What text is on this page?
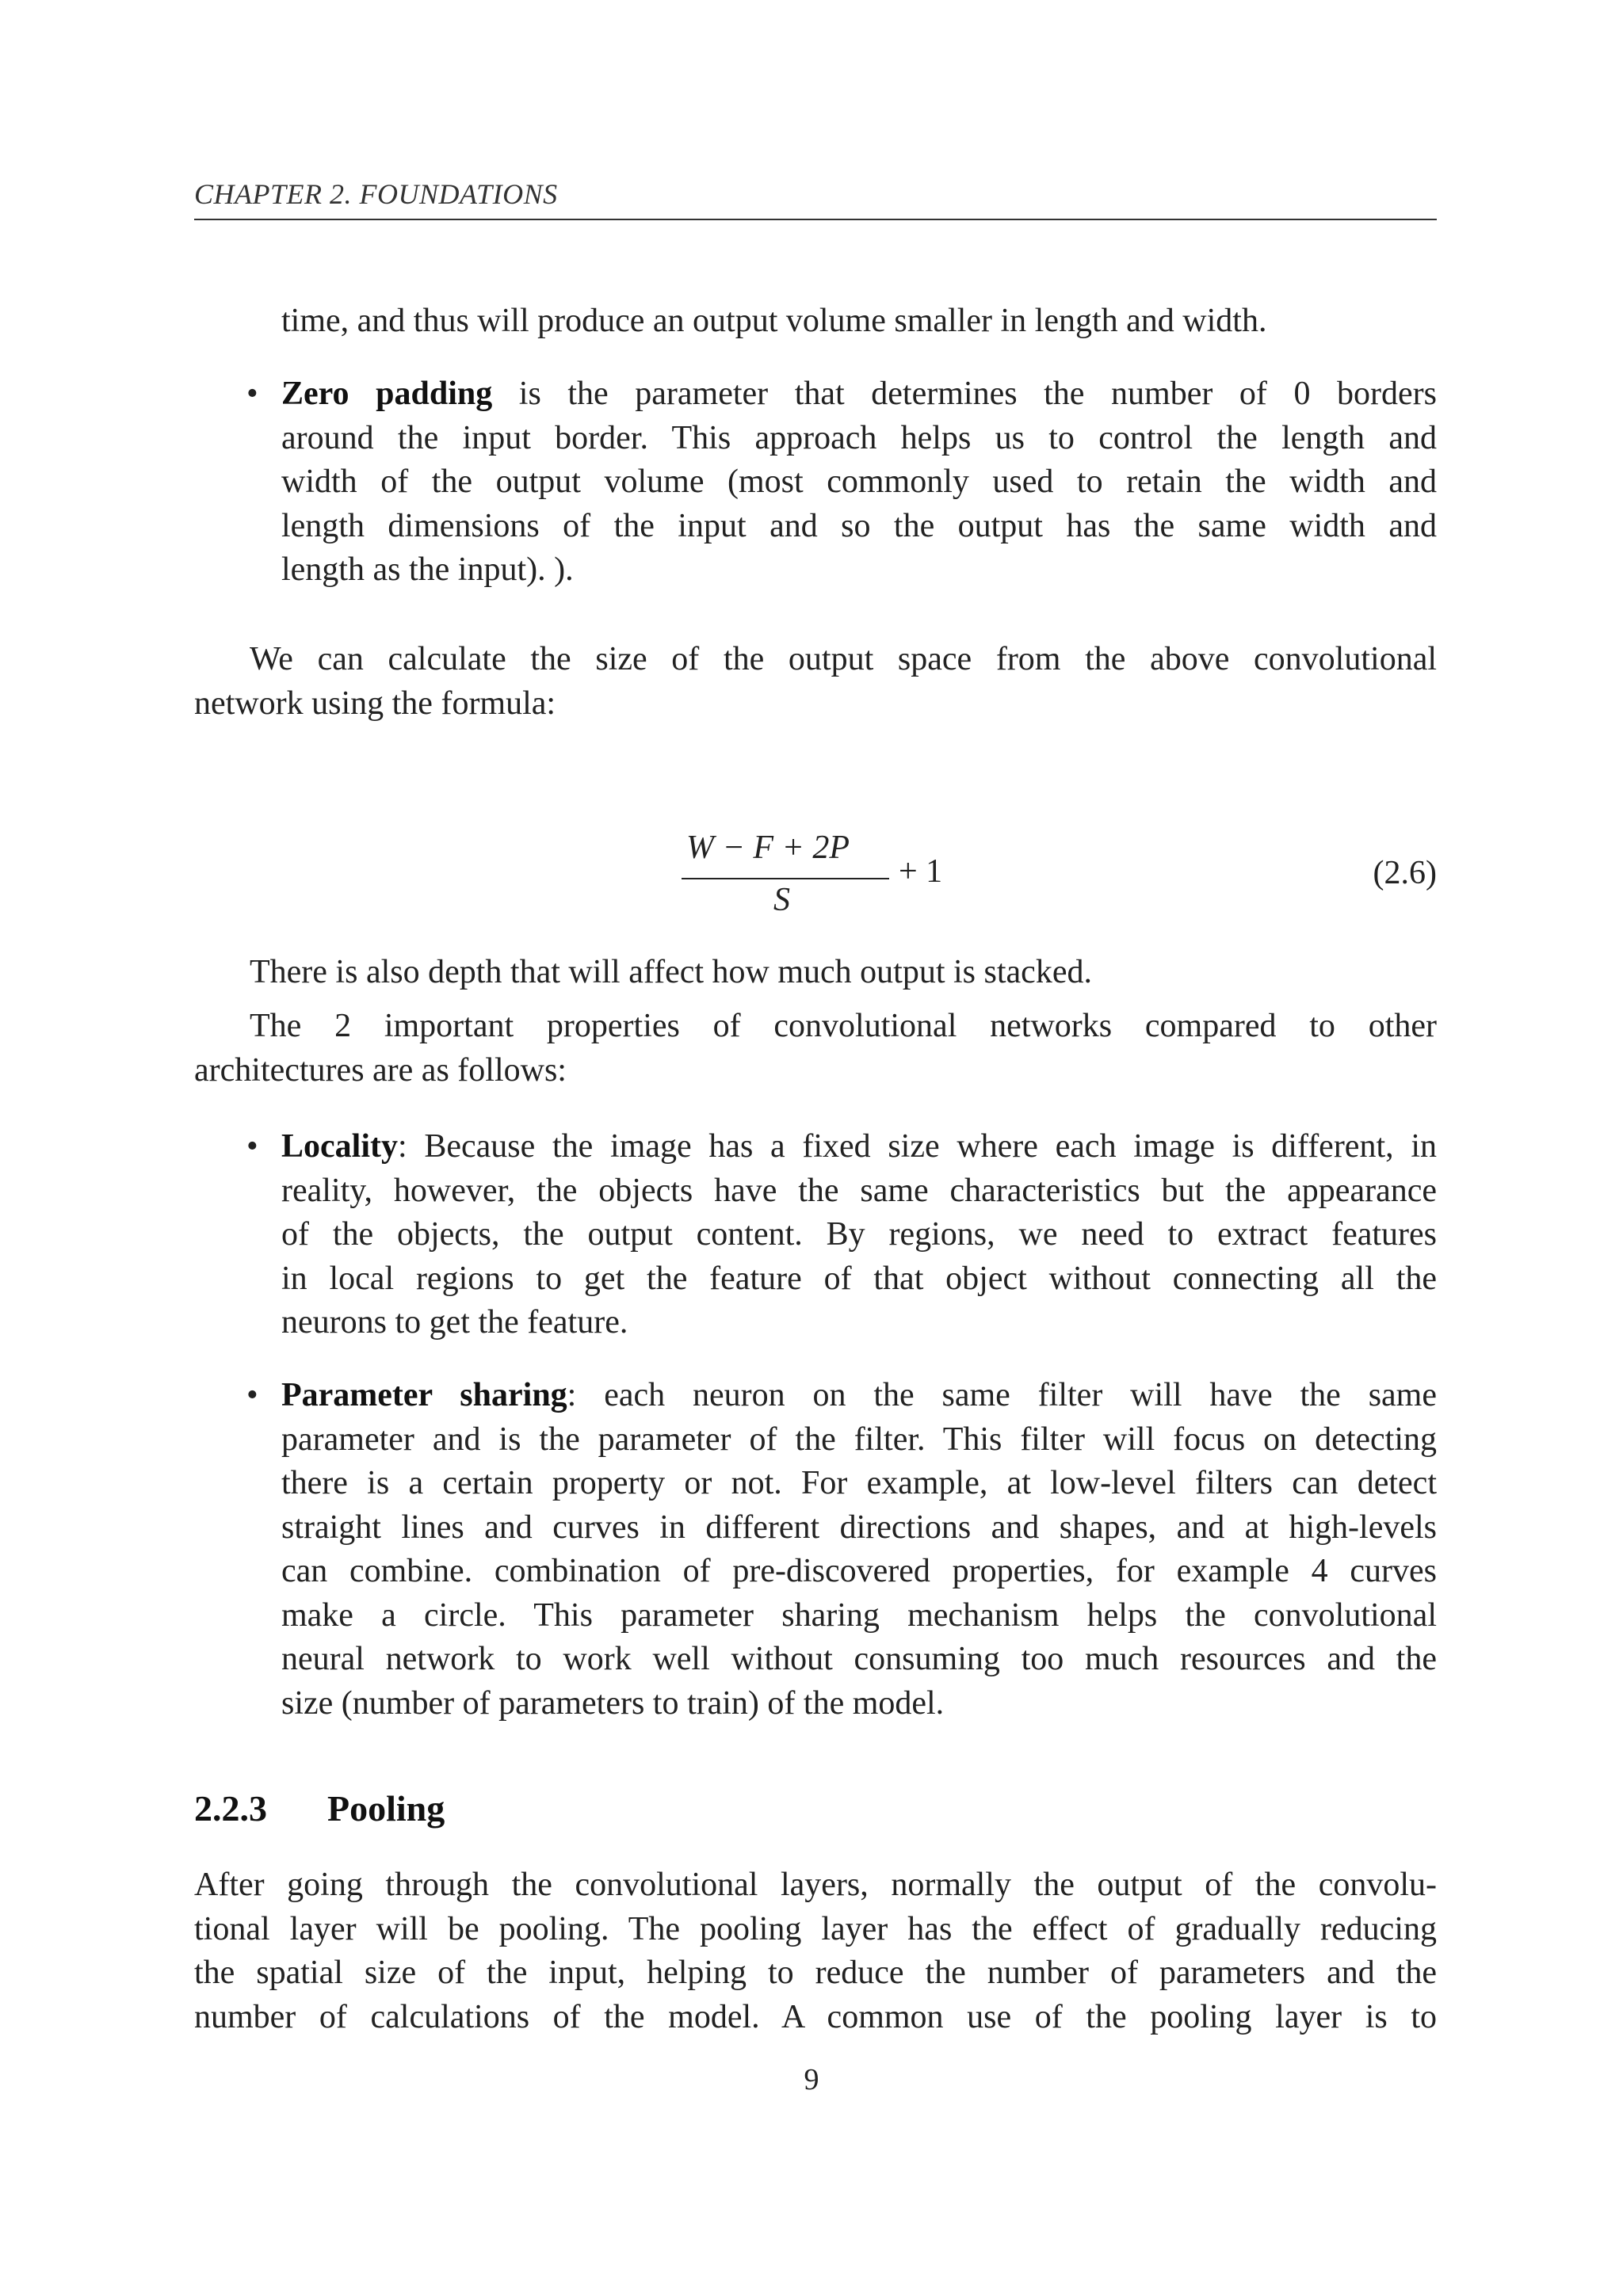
CHAPTER 2. FOUNDATIONS
time, and thus will produce an output volume smaller in length and width.
• Zero padding is the parameter that determines the number of 0 borders
around the input border. This approach helps us to control the length and
width of the output volume (most commonly used to retain the width and
length dimensions of the input and so the output has the same width and
length as the input). ).
We can calculate the size of the output space from the above convolutional
network using the formula:
W − F + 2P
S
+ 1	(2.6)
There is also depth that will affect how much output is stacked.
The 2 important properties of convolutional networks compared to other
architectures are as follows:
• Locality: Because the image has a fixed size where each image is different, in
reality, however, the objects have the same characteristics but the appearance
of the objects, the output content. By regions, we need to extract features
in local regions to get the feature of that object without connecting all the
neurons to get the feature.
• Parameter sharing: each neuron on the same filter will have the same
parameter and is the parameter of the filter. This filter will focus on detecting
there is a certain property or not. For example, at low-level filters can detect
straight lines and curves in different directions and shapes, and at high-levels
can combine. combination of pre-discovered properties, for example 4 curves
make a circle. This parameter sharing mechanism helps the convolutional
neural network to work well without consuming too much resources and the
size (number of parameters to train) of the model.
2.2.3 Pooling
After going through the convolutional layers, normally the output of the convolu-
tional layer will be pooling. The pooling layer has the effect of gradually reducing
the spatial size of the input, helping to reduce the number of parameters and the
number of calculations of the model. A common use of the pooling layer is to
9
